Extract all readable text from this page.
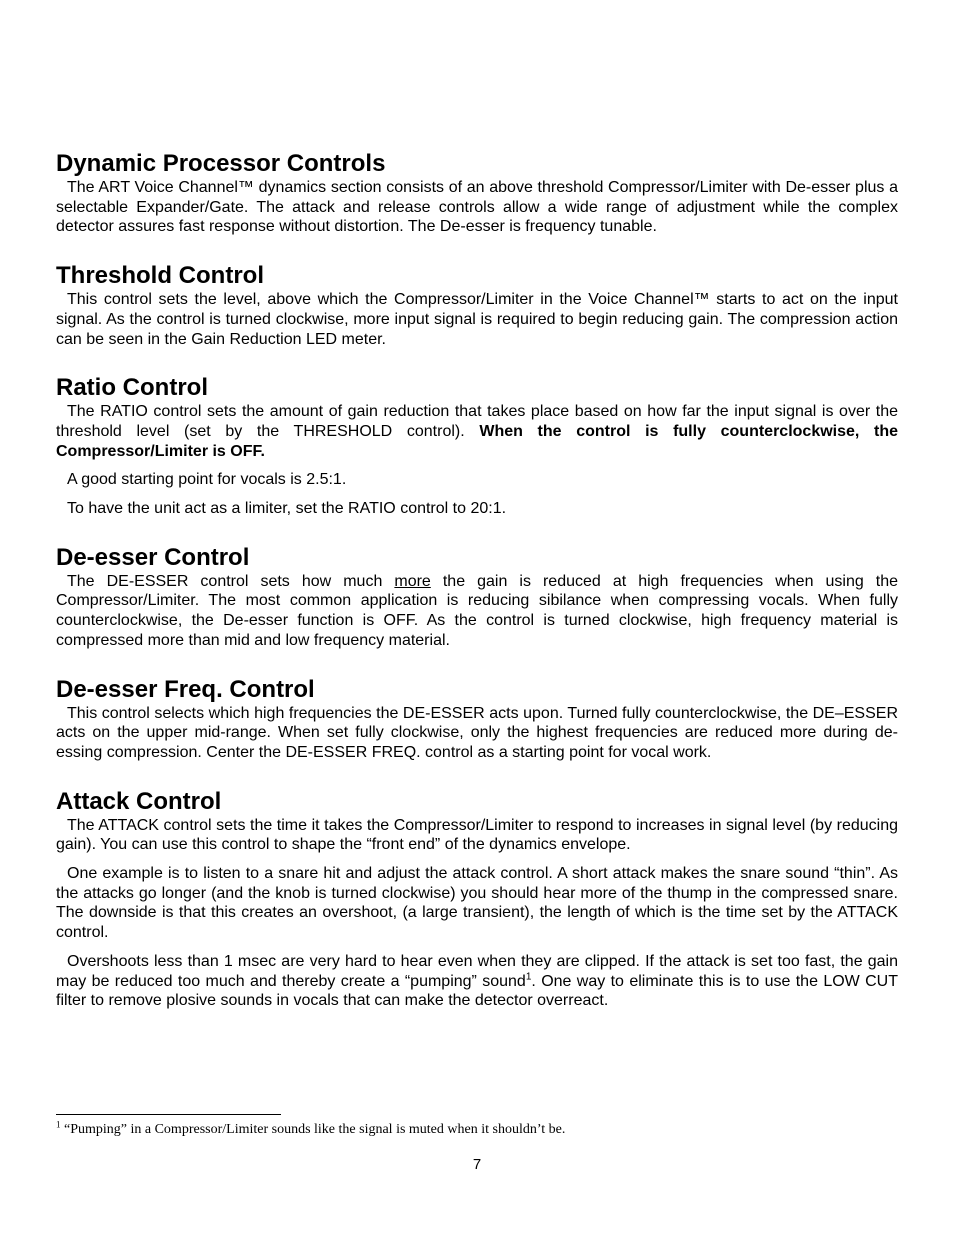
Dynamic Processor Controls

The ART Voice Channel™ dynamics section consists of an above threshold Compressor/Limiter with De-esser plus a selectable Expander/Gate. The attack and release controls allow a wide range of adjustment while the complex detector assures fast response without distortion. The De-esser is frequency tunable.

Threshold Control

This control sets the level, above which the Compressor/Limiter in the Voice Channel™ starts to act on the input signal. As the control is turned clockwise, more input signal is required to begin reducing gain. The compression action can be seen in the Gain Reduction LED meter.

Ratio Control

The RATIO control sets the amount of gain reduction that takes place based on how far the input signal is over the threshold level (set by the THRESHOLD control). When the control is fully counterclockwise, the Compressor/Limiter is OFF.

A good starting point for vocals is 2.5:1.

To have the unit act as a limiter, set the RATIO control to 20:1.

De-esser Control

The DE-ESSER control sets how much more the gain is reduced at high frequencies when using the Compressor/Limiter. The most common application is reducing sibilance when compressing vocals. When fully counterclockwise, the De-esser function is OFF. As the control is turned clockwise, high frequency material is compressed more than mid and low frequency material.

De-esser Freq. Control

This control selects which high frequencies the DE-ESSER acts upon. Turned fully counterclockwise, the DE–ESSER acts on the upper mid-range. When set fully clockwise, only the highest frequencies are reduced more during de-essing compression. Center the DE-ESSER FREQ. control as a starting point for vocal work.

Attack Control

The ATTACK control sets the time it takes the Compressor/Limiter to respond to increases in signal level (by reducing gain). You can use this control to shape the “front end” of the dynamics envelope.

One example is to listen to a snare hit and adjust the attack control. A short attack makes the snare sound “thin”. As the attacks go longer (and the knob is turned clockwise) you should hear more of the thump in the compressed snare. The downside is that this creates an overshoot, (a large transient), the length of which is the time set by the ATTACK control.

Overshoots less than 1 msec are very hard to hear even when they are clipped. If the attack is set too fast, the gain may be reduced too much and thereby create a “pumping” sound$^1$. One way to eliminate this is to use the LOW CUT filter to remove plosive sounds in vocals that can make the detector overreact.

$^1$ “Pumping” in a Compressor/Limiter sounds like the signal is muted when it shouldn’t be.
7
